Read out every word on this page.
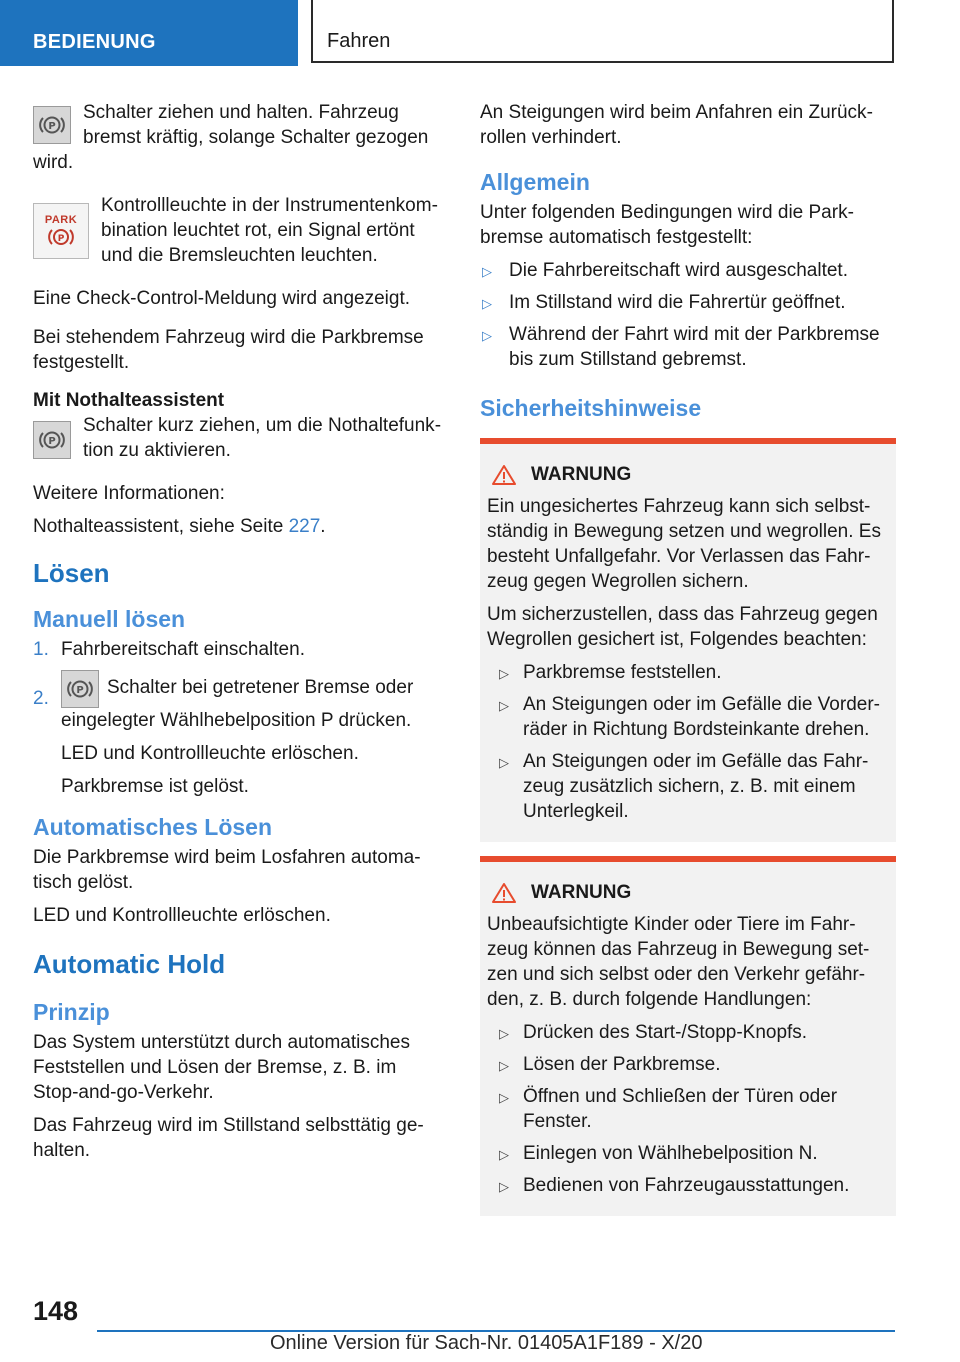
BEDIENUNG	Fahren
P

Schalter ziehen und halten. Fahrzeug bremst kräftig, solange Schalter gezogen wird.

PARK
P

Kontrollleuchte in der Instrumentenkombination leuchtet rot, ein Signal ertönt und die Bremsleuchten leuchten.

Eine Check-Control-Meldung wird angezeigt.

Bei stehendem Fahrzeug wird die Parkbremse festgestellt.

Mit Nothalteassistent
P

Schalter kurz ziehen, um die Nothaltefunktion zu aktivieren.

Weitere Informationen:

Nothalteassistent, siehe Seite 227.

Lösen
Manuell lösen
1. Fahrbereitschaft einschalten.
2.	P Schalter bei getretener Bremse oder eingelegter Wählhebelposition P drücken.

LED und Kontrollleuchte erlöschen.

Parkbremse ist gelöst.

Automatisches Lösen

Die Parkbremse wird beim Losfahren automatisch gelöst.

LED und Kontrollleuchte erlöschen.

Automatic Hold
Prinzip

Das System unterstützt durch automatisches Feststellen und Lösen der Bremse, z. B. im Stop-and-go-Verkehr.

Das Fahrzeug wird im Stillstand selbsttätig gehalten.

An Steigungen wird beim Anfahren ein Zurückrollen verhindert.

Allgemein

Unter folgenden Bedingungen wird die Parkbremse automatisch festgestellt:

▷ Die Fahrbereitschaft wird ausgeschaltet.
▷ Im Stillstand wird die Fahrertür geöffnet.
▷ Während der Fahrt wird mit der Parkbremse bis zum Stillstand gebremst.
Sicherheitshinweise
WARNUNG

Ein ungesichertes Fahrzeug kann sich selbstständig in Bewegung setzen und wegrollen. Es besteht Unfallgefahr. Vor Verlassen das Fahrzeug gegen Wegrollen sichern.

Um sicherzustellen, dass das Fahrzeug gegen Wegrollen gesichert ist, Folgendes beachten:

▷ Parkbremse feststellen.
▷ An Steigungen oder im Gefälle die Vorderräder in Richtung Bordsteinkante drehen.
▷ An Steigungen oder im Gefälle das Fahrzeug zusätzlich sichern, z. B. mit einem Unterlegkeil.
WARNUNG

Unbeaufsichtigte Kinder oder Tiere im Fahrzeug können das Fahrzeug in Bewegung setzen und sich selbst oder den Verkehr gefährden, z. B. durch folgende Handlungen:

▷ Drücken des Start-/Stopp-Knopfs.
▷ Lösen der Parkbremse.
▷ Öffnen und Schließen der Türen oder Fenster.
▷ Einlegen von Wählhebelposition N.
▷ Bedienen von Fahrzeugausstattungen.
148
Online Version für Sach-Nr. 01405A1F189 - X/20
